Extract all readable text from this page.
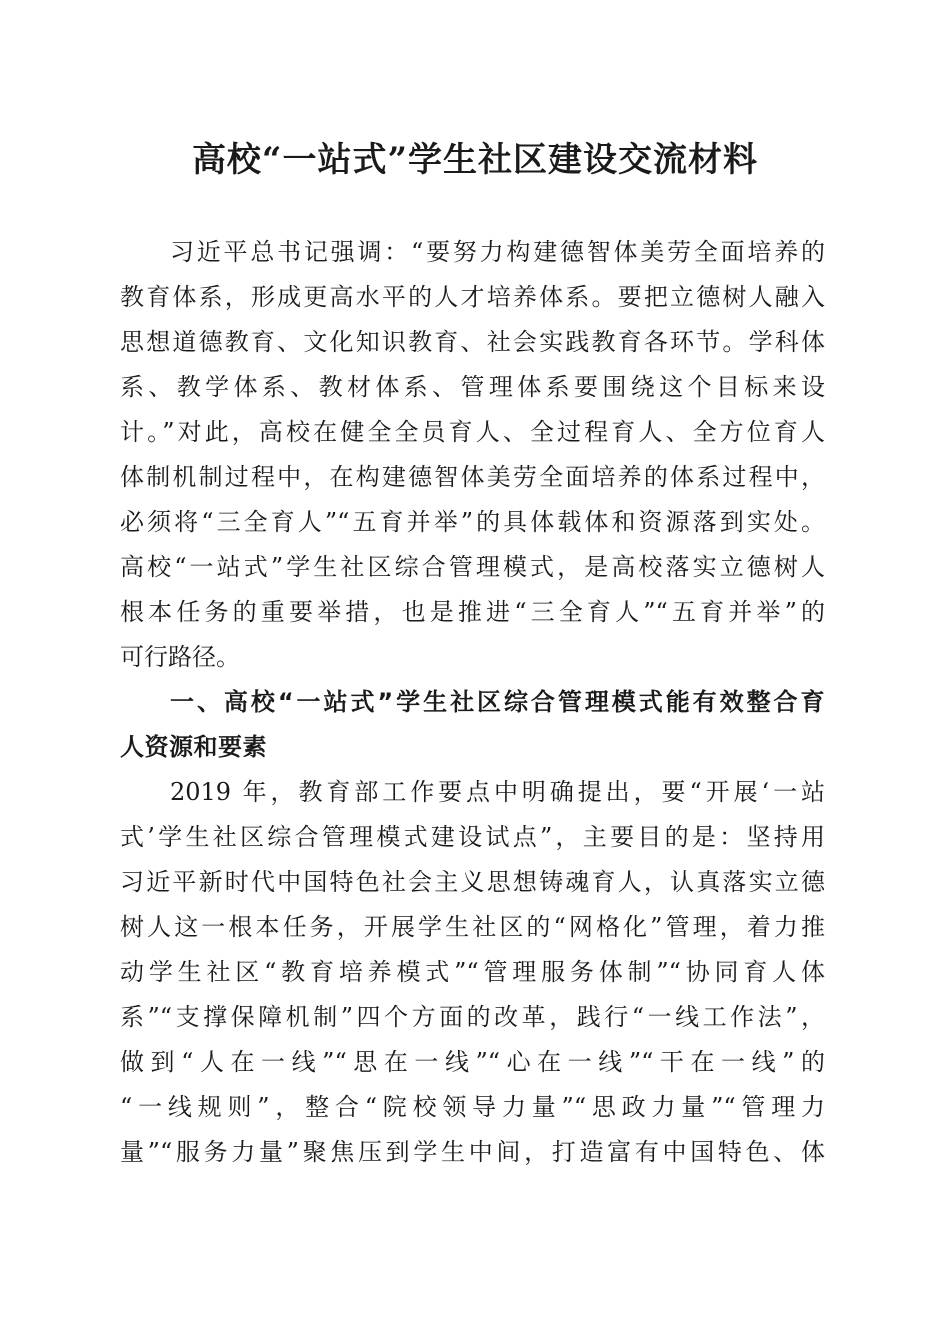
高校“一站式”学生社区建设交流材料

习近平总书记强调：“要努力构建德智体美劳全面培养的

教育体系，形成更高水平的人才培养体系。要把立德树人融入

思想道德教育、文化知识教育、社会实践教育各环节。学科体

系、教学体系、教材体系、管理体系要围绕这个目标来设

计。”对此，高校在健全全员育人、全过程育人、全方位育人

体制机制过程中，在构建德智体美劳全面培养的体系过程中，

必须将“三全育人”“五育并举”的具体载体和资源落到实处。

高校“一站式”学生社区综合管理模式，是高校落实立德树人

根本任务的重要举措，也是推进“三全育人”“五育并举”的

可行路径。

一、高校“一站式”学生社区综合管理模式能有效整合育

人资源和要素

2019 年，教育部工作要点中明确提出，要“开展‘一站

式’学生社区综合管理模式建设试点”，主要目的是：坚持用

习近平新时代中国特色社会主义思想铸魂育人，认真落实立德

树人这一根本任务，开展学生社区的“网格化”管理，着力推

动学生社区“教育培养模式”“管理服务体制”“协同育人体

系”“支撑保障机制”四个方面的改革，践行“一线工作法”，

做到“人在一线”“思在一线”“心在一线”“干在一线”的

“一线规则”，整合“院校领导力量”“思政力量”“管理力

量”“服务力量”聚焦压到学生中间，打造富有中国特色、体
